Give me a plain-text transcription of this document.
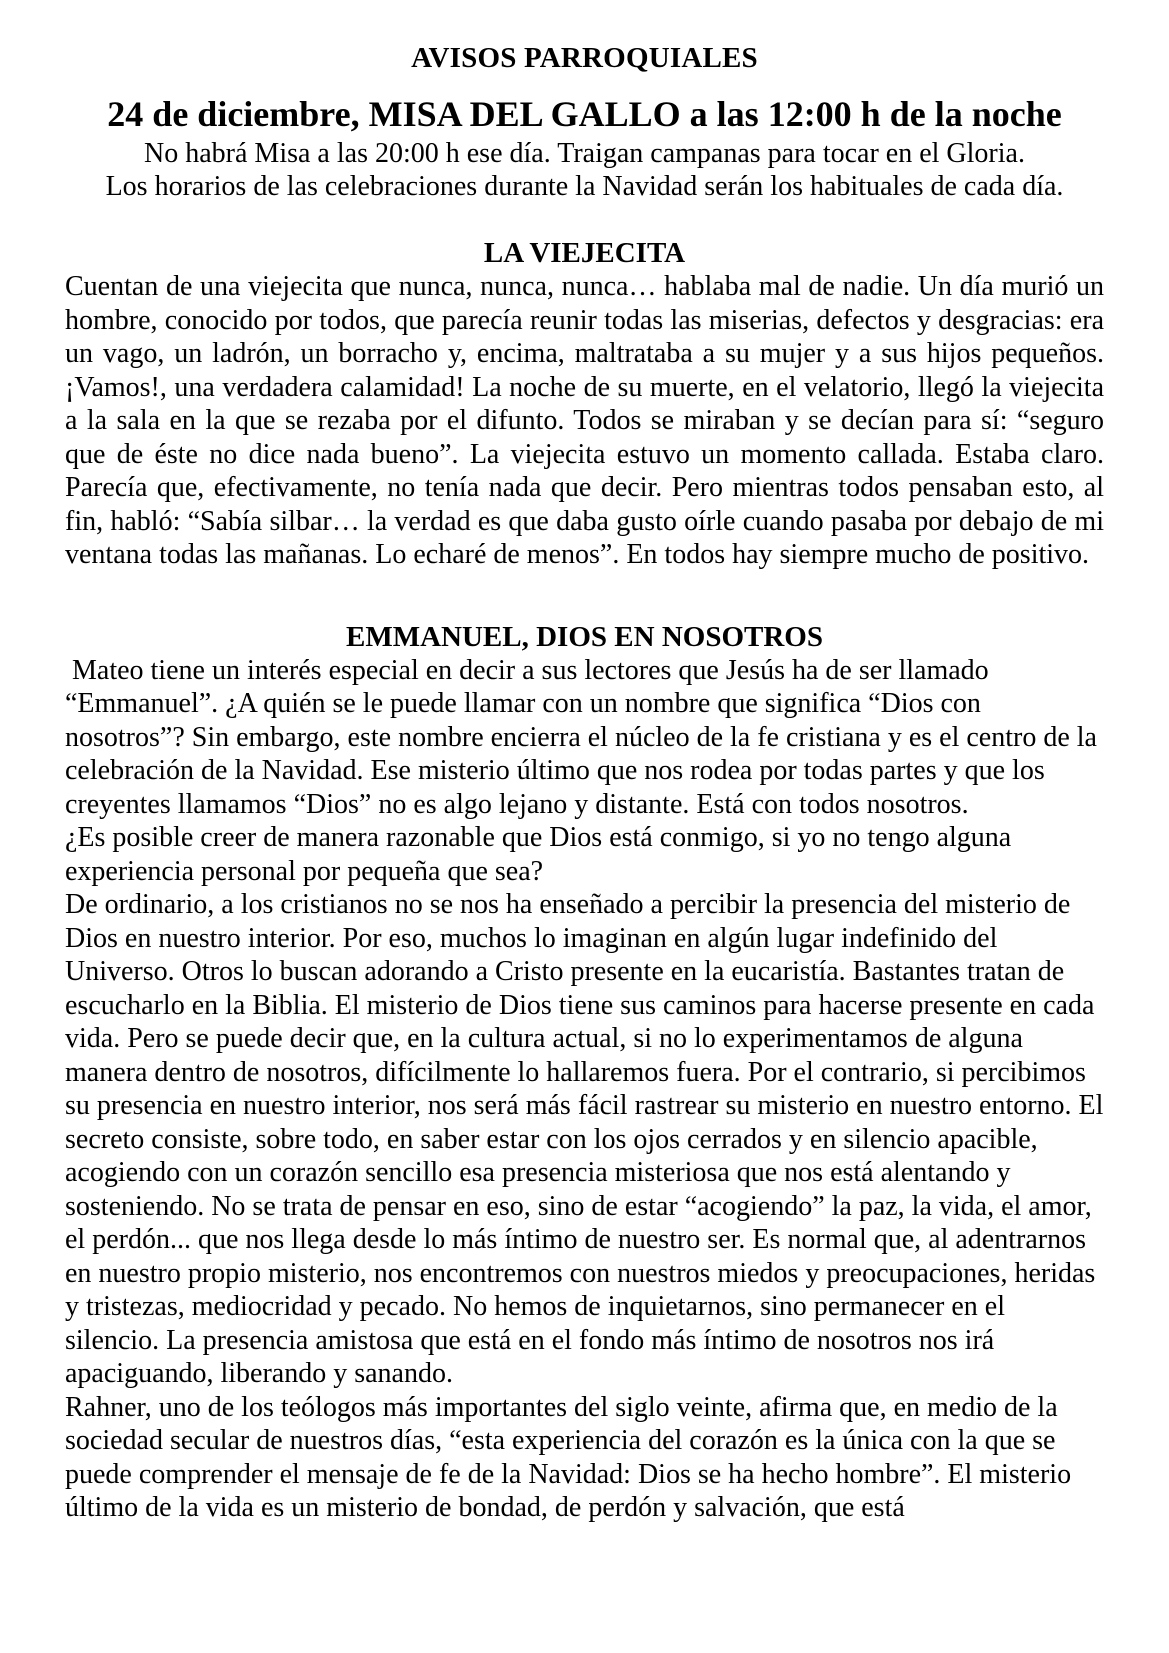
AVISOS PARROQUIALES
24 de diciembre, MISA DEL GALLO a las 12:00 h de la noche
No habrá Misa a las 20:00 h ese día. Traigan campanas para tocar en el Gloria.
Los horarios de las celebraciones durante la Navidad serán los habituales de cada día.
LA VIEJECITA

Cuentan de una viejecita que nunca, nunca, nunca… hablaba mal de nadie. Un día murió un hombre, conocido por todos, que parecía reunir todas las miserias, defectos y desgracias: era un vago, un ladrón, un borracho y, encima, maltrataba a su mujer y a sus hijos pequeños. ¡Vamos!, una verdadera calamidad! La noche de su muerte, en el velatorio, llegó la viejecita a la sala en la que se rezaba por el difunto. Todos se miraban y se decían para sí: “seguro que de éste no dice nada bueno”. La viejecita estuvo un momento callada. Estaba claro. Parecía que, efectivamente, no tenía nada que decir. Pero mientras todos pensaban esto, al fin, habló: “Sabía silbar… la verdad es que daba gusto oírle cuando pasaba por debajo de mi ventana todas las mañanas. Lo echaré de menos”. En todos hay siempre mucho de positivo.

EMMANUEL, DIOS EN NOSOTROS

Mateo tiene un interés especial en decir a sus lectores que Jesús ha de ser llamado “Emmanuel”. ¿A quién se le puede llamar con un nombre que significa “Dios con nosotros”? Sin embargo, este nombre encierra el núcleo de la fe cristiana y es el centro de la celebración de la Navidad. Ese misterio último que nos rodea por todas partes y que los creyentes llamamos “Dios” no es algo lejano y distante. Está con todos nosotros.

¿Es posible creer de manera razonable que Dios está conmigo, si yo no tengo alguna experiencia personal por pequeña que sea?

De ordinario, a los cristianos no se nos ha enseñado a percibir la presencia del misterio de Dios en nuestro interior. Por eso, muchos lo imaginan en algún lugar indefinido del Universo. Otros lo buscan adorando a Cristo presente en la eucaristía. Bastantes tratan de escucharlo en la Biblia. El misterio de Dios tiene sus caminos para hacerse presente en cada vida. Pero se puede decir que, en la cultura actual, si no lo experimentamos de alguna manera dentro de nosotros, difícilmente lo hallaremos fuera. Por el contrario, si percibimos su presencia en nuestro interior, nos será más fácil rastrear su misterio en nuestro entorno. El secreto consiste, sobre todo, en saber estar con los ojos cerrados y en silencio apacible, acogiendo con un corazón sencillo esa presencia misteriosa que nos está alentando y sosteniendo. No se trata de pensar en eso, sino de estar “acogiendo” la paz, la vida, el amor, el perdón... que nos llega desde lo más íntimo de nuestro ser. Es normal que, al adentrarnos en nuestro propio misterio, nos encontremos con nuestros miedos y preocupaciones, heridas y tristezas, mediocridad y pecado. No hemos de inquietarnos, sino permanecer en el silencio. La presencia amistosa que está en el fondo más íntimo de nosotros nos irá apaciguando, liberando y sanando.

Rahner, uno de los teólogos más importantes del siglo veinte, afirma que, en medio de la sociedad secular de nuestros días, “esta experiencia del corazón es la única con la que se puede comprender el mensaje de fe de la Navidad: Dios se ha hecho hombre”. El misterio último de la vida es un misterio de bondad, de perdón y salvación, que está
